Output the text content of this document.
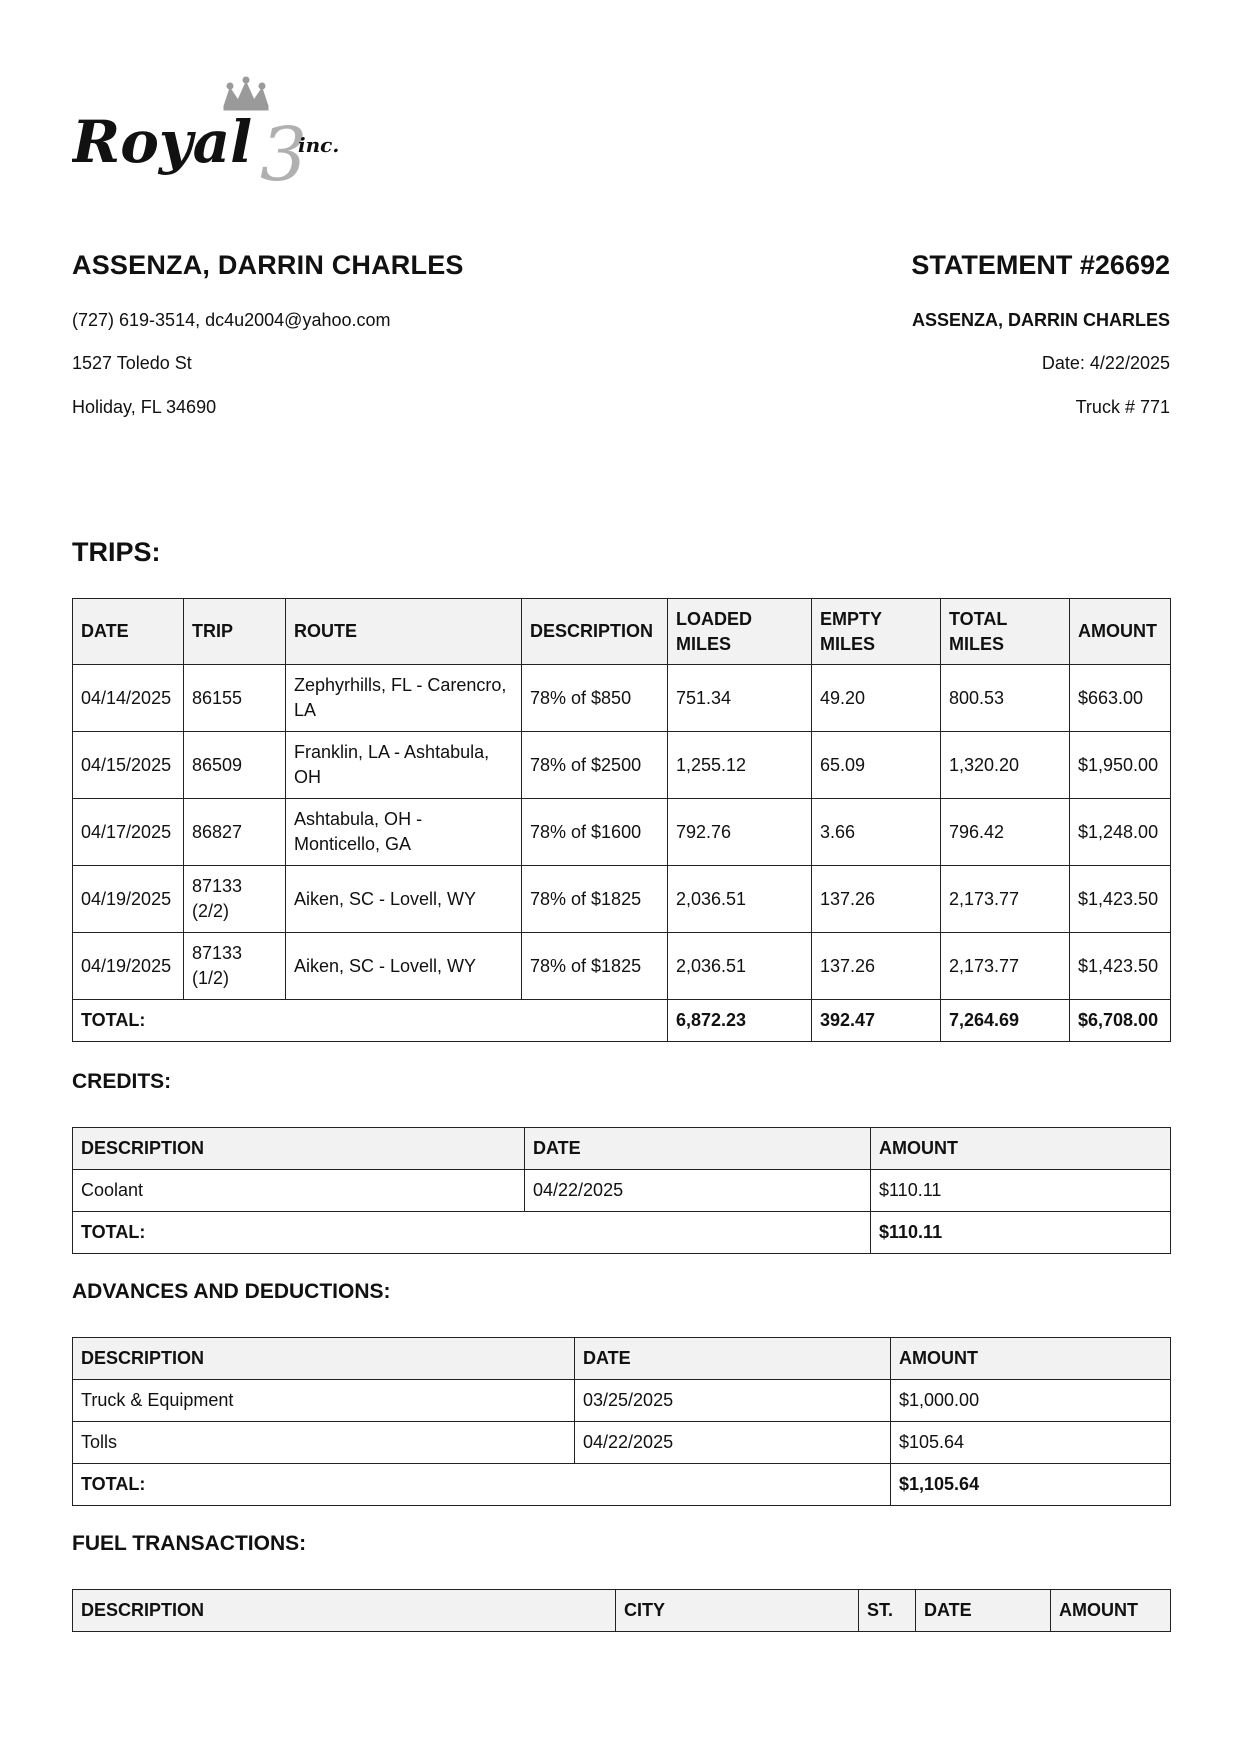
Royal 3
inc.
ASSENZA, DARRIN CHARLES
(727) 619-3514, dc4u2004@yahoo.com
1527 Toledo St
Holiday, FL 34690
STATEMENT #26692
ASSENZA, DARRIN CHARLES
Date: 4/22/2025
Truck # 771
TRIPS:
DATE	TRIP	ROUTE	DESCRIPTION	LOADED MILES	EMPTY MILES	TOTAL MILES	AMOUNT
04/14/2025	86155	Zephyrhills, FL - Carencro, LA	78% of $850	751.34	49.20	800.53	$663.00
04/15/2025	86509	Franklin, LA - Ashtabula, OH	78% of $2500	1,255.12	65.09	1,320.20	$1,950.00
04/17/2025	86827	Ashtabula, OH - Monticello, GA	78% of $1600	792.76	3.66	796.42	$1,248.00
04/19/2025	87133 (2/2)	Aiken, SC - Lovell, WY	78% of $1825	2,036.51	137.26	2,173.77	$1,423.50
04/19/2025	87133 (1/2)	Aiken, SC - Lovell, WY	78% of $1825	2,036.51	137.26	2,173.77	$1,423.50
TOTAL:				6,872.23	392.47	7,264.69	$6,708.00
CREDITS:
DESCRIPTION	DATE	AMOUNT
Coolant	04/22/2025	$110.11
TOTAL:		$110.11
ADVANCES AND DEDUCTIONS:
DESCRIPTION	DATE	AMOUNT
Truck & Equipment	03/25/2025	$1,000.00
Tolls	04/22/2025	$105.64
TOTAL:		$1,105.64
FUEL TRANSACTIONS:
DESCRIPTION	CITY	ST.	DATE	AMOUNT
